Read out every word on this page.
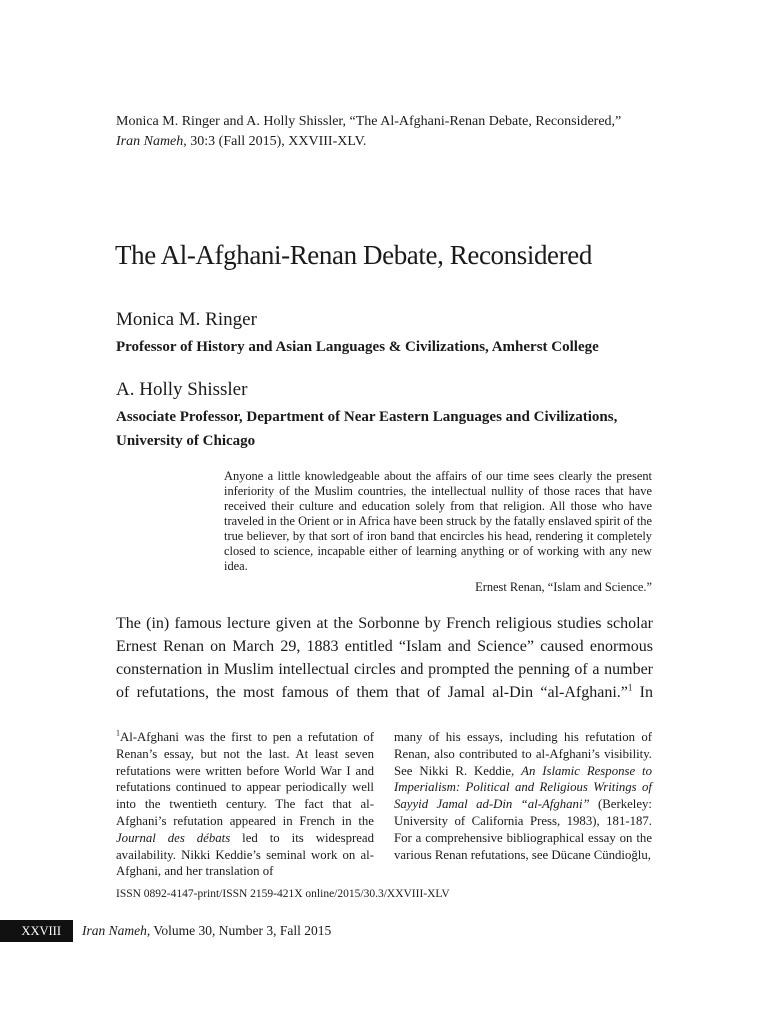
Monica M. Ringer and A. Holly Shissler, “The Al-Afghani-Renan Debate, Reconsidered,”
Iran Nameh, 30:3 (Fall 2015), XXVIII-XLV.
The Al-Afghani-Renan Debate, Reconsidered
Monica M. Ringer
Professor of History and Asian Languages & Civilizations, Amherst College
A. Holly Shissler
Associate Professor, Department of Near Eastern Languages and Civilizations,
University of Chicago
Anyone a little knowledgeable about the affairs of our time sees clearly the present inferiority of the Muslim countries, the intellectual nullity of those races that have received their culture and education solely from that religion. All those who have traveled in the Orient or in Africa have been struck by the fatally enslaved spirit of the true believer, by that sort of iron band that encircles his head, rendering it completely closed to science, incapable either of learning anything or of working with any new idea.
Ernest Renan, “Islam and Science.”
The (in) famous lecture given at the Sorbonne by French religious studies scholar Ernest Renan on March 29, 1883 entitled “Islam and Science” caused enormous consternation in Muslim intellectual circles and prompted the penning of a number of refutations, the most famous of them that of Jamal al-Din “al-Afghani.”$^1$ In
$^1$Al-Afghani was the first to pen a refutation of Renan’s essay, but not the last. At least seven refutations were written before World War I and refutations continued to appear periodically well into the twentieth century. The fact that al-Afghani’s refutation appeared in French in the Journal des débats led to its widespread availability. Nikki Keddie’s seminal work on al-Afghani, and her translation of
many of his essays, including his refutation of Renan, also contributed to al-Afghani’s visibility. See Nikki R. Keddie, An Islamic Response to Imperialism: Political and Religious Writings of Sayyid Jamal ad-Din “al-Afghani” (Berkeley: University of California Press, 1983), 181-187. For a comprehensive bibliographical essay on the various Renan refutations, see Dücane Cündioğlu,
ISSN 0892-4147-print/ISSN 2159-421X online/2015/30.3/XXVIII-XLV
XXVIII	Iran Nameh, Volume 30, Number 3, Fall 2015
